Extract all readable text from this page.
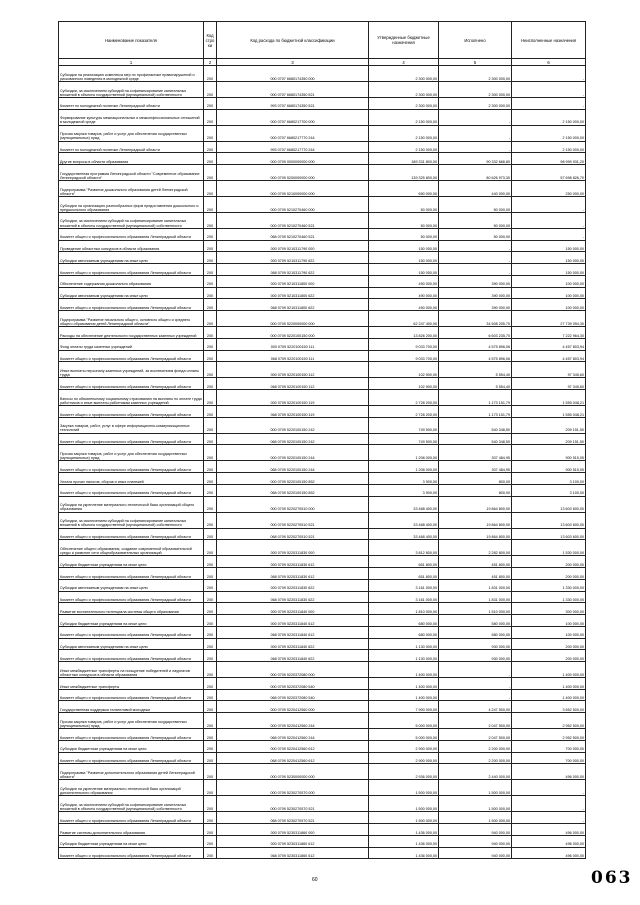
Наименование показателя	Код стро ки	Код расхода по бюджетной классификации	Утвержденные бюджетные назначения	Исполнено	Неисполненные назначения
1	2	3	4	5	6
Субсидии на реализацию комплекса мер по профилактике правонарушений и рискованного поведения в молодежной среде	200	000 0707 6680174350 000	2 300 000,00	2 300 000,00	-
Субсидии, за исключением субсидий на софинансирование капитальных вложений в объекты государственной (муниципальной) собственности	200	000 0707 6680174350 521	2 300 000,00	2 300 000,00	-
Комитет по молодежной политике Ленинградской области	200	993 0707 6680174350 521	2 300 000,00	2 300 000,00	-
Формирование культуры межнациональных и межконфессиональных отношений в молодежной среде	200	000 0707 6680217700 000	2 150 000,00	-	2 150 000,00
Прочая закупка товаров, работ и услуг для обеспечения государственных (муниципальных) нужд	200	000 0707 6680217770 244	2 150 000,00	-	2 150 000,00
Комитет по молодежной политике Ленинградской области	200	993 0707 6680217770 244	2 150 000,00	-	2 150 000,00
Другие вопросы в области образования	200	000 0709 0000000000 000	189 331 800,00	90 332 668,80	98 999 931,20
Государственная программа Ленинградской области "Современное образование Ленинградской области"	200	000 0709 5200000000 000	139 325 800,00	80 626 973,30	57 698 826,70
Подпрограмма "Развитие дошкольного образования детей Ленинградской области"	200	000 0709 5210000000 000	690 000,00	440 000,00	250 000,00
Субсидии на организацию разнообразных форм предоставления дошкольного и предшкольного образования	200	000 0709 5210270460 000	50 000,00	50 000,00	-
Субсидии, за исключением субсидий на софинансирование капитальных вложений в объекты государственной (муниципальной) собственности	200	000 0709 5210270460 521	50 000,00	50 000,00	-
Комитет общего и профессионального образования Ленинградской области	200	068 0709 5210270460 521	50 000,00	50 000,00	-
Проведение областных конкурсов в области образования	200	000 0709 5210311790 000	150 000,00	-	150 000,00
Субсидии автономным учреждениям на иные цели	200	000 0709 5210311790 622	150 000,00	-	150 000,00
Комитет общего и профессионального образования Ленинградской области	200	068 0709 5210311790 622	150 000,00	-	150 000,00
Обеспечение содержания дошкольного образования	200	000 0709 5210311800 000	490 000,00	390 000,00	100 000,00
Субсидии автономным учреждениям на иные цели	200	000 0709 5210311800 622	490 000,00	390 000,00	100 000,00
Комитет общего и профессионального образования Ленинградской области	200	068 0709 5210311800 622	490 000,00	390 000,00	100 000,00
Подпрограмма "Развитие начального общего, основного общего и среднего общего образования детей Ленинградской области"	200	000 0709 5220000000 000	62 247 400,00	34 508 205,70	27 739 094,30
Расходы на обеспечение деятельности государственных казенных учреждений	200	000 0709 5220100150 000	13 826 200,00	6 603 235,70	7 222 964,30
Фонд оплаты труда казенных учреждений	200	000 0709 5220100150 111	9 033 700,00	4 575 896,06	4 457 803,94
Комитет общего и профессионального образования Ленинградской области	200	068 0709 5220100150 111	9 033 700,00	4 575 896,06	4 457 803,94
Иные выплаты персоналу казенных учреждений, за исключением фонда оплаты труда	200	000 0709 5220100150 112	102 900,00	5 554,40	97 345,60
Комитет общего и профессионального образования Ленинградской области	200	068 0709 5220100150 112	102 900,00	5 554,40	97 345,60
Взносы по обязательному социальному страхованию на выплаты по оплате труда работников и иные выплаты работникам казенных учреждений	200	000 0709 5220100150 119	2 728 200,00	1 173 151,79	1 555 048,21
Комитет общего и профессионального образования Ленинградской области	200	068 0709 5220100150 119	2 728 200,00	1 173 151,79	1 555 048,21
Закупка товаров, работ, услуг в сфере информационно-коммуникационных технологий	200	000 0709 5220100150 242	749 500,00	540 348,50	209 151,50
Комитет общего и профессионального образования Ленинградской области	200	068 0709 5220100150 242	749 500,00	540 348,50	209 151,50
Прочая закупка товаров, работ и услуг для обеспечения государственных (муниципальных) нужд	200	000 0709 5220100150 244	1 208 000,00	307 484,95	900 515,05
Комитет общего и профессионального образования Ленинградской области	200	068 0709 5220100150 244	1 208 000,00	307 484,95	900 515,05
Уплата прочих налогов, сборов и иных платежей	200	000 0709 5220100150 852	3 900,00	800,00	3 100,00
Комитет общего и профессионального образования Ленинградской области	200	068 0709 5220100150 852	3 900,00	800,00	3 100,00
Субсидии на укрепление материально-технической базы организаций общего образования	200	000 0709 5220270510 000	33 468 400,00	19 864 800,00	13 603 600,00
Субсидии, за исключением субсидий на софинансирование капитальных вложений в объекты государственной (муниципальной) собственности	200	000 0709 5220270510 521	33 468 400,00	19 864 800,00	13 603 600,00
Комитет общего и профессионального образования Ленинградской области	200	068 0709 5220270510 521	33 468 400,00	19 864 800,00	13 603 600,00
Обеспечение общего образования, создание современной образовательной среды и развитие сети общеобразовательных организаций	200	000 0709 5220311830 000	3 812 800,00	2 282 800,00	1 530 000,00
Субсидии бюджетным учреждениям на иные цели	200	000 0709 5220311830 612	651 800,00	451 800,00	200 000,00
Комитет общего и профессионального образования Ленинградской области	200	068 0709 5220311830 612	651 800,00	451 800,00	200 000,00
Субсидии автономным учреждениям на иные цели	200	000 0709 5220311830 622	3 161 000,00	1 831 000,00	1 330 000,00
Комитет общего и профессионального образования Ленинградской области	200	068 0709 5220311830 622	3 161 000,00	1 831 000,00	1 330 000,00
Развитие воспитательного потенциала системы общего образования	200	000 0709 5220311840 000	1 810 000,00	1 510 000,00	300 000,00
Субсидии бюджетным учреждениям на иные цели	200	000 0709 5220311840 612	680 000,00	580 000,00	100 000,00
Комитет общего и профессионального образования Ленинградской области	200	068 0709 5220311840 612	680 000,00	580 000,00	100 000,00
Субсидии автономным учреждениям на иные цели	200	000 0709 5220311840 622	1 130 000,00	930 000,00	200 000,00
Комитет общего и профессионального образования Ленинградской области	200	068 0709 5220311840 622	1 130 000,00	930 000,00	200 000,00
Иные межбюджетные трансферты на поощрение победителей и лауреатов областных конкурсов в области образования	200	000 0709 5220372080 000	1 400 000,00	-	1 400 000,00
Иные межбюджетные трансферты	200	000 0709 5220372080 540	1 400 000,00	-	1 400 000,00
Комитет общего и профессионального образования Ленинградской области	200	068 0709 5220372080 540	1 400 000,00	-	1 400 000,00
Государственная поддержка талантливой молодежи	200	000 0709 5220412560 000	7 900 000,00	4 247 500,00	3 652 500,00
Прочая закупка товаров, работ и услуг для обеспечения государственных (муниципальных) нужд	200	000 0709 5220412560 244	5 000 000,00	2 047 500,00	2 952 500,00
Комитет общего и профессионального образования Ленинградской области	200	068 0709 5220412560 244	5 000 000,00	2 047 500,00	2 952 500,00
Субсидии бюджетным учреждениям на иные цели	200	000 0709 5220412560 612	2 900 000,00	2 200 000,00	700 000,00
Комитет общего и профессионального образования Ленинградской области	200	068 0709 5220412560 612	2 900 000,00	2 200 000,00	700 000,00
Подпрограмма "Развитие дополнительного образования детей Ленинградской области"	200	000 0709 5230000000 000	2 936 000,00	2 440 000,00	496 000,00
Субсидии на укрепление материально-технической базы организаций дополнительного образования	200	000 0709 5230270570 000	1 500 000,00	1 500 000,00	-
Субсидии, за исключением субсидий на софинансирование капитальных вложений в объекты государственной (муниципальной) собственности	200	000 0709 5230270570 521	1 500 000,00	1 500 000,00	-
Комитет общего и профессионального образования Ленинградской области	200	068 0709 5230270570 521	1 500 000,00	1 500 000,00	-
Развитие системы дополнительного образования	200	000 0709 5230311860 000	1 436 000,00	940 000,00	496 000,00
Субсидии бюджетным учреждениям на иные цели	200	000 0709 5230311860 612	1 436 000,00	940 000,00	496 000,00
Комитет общего и профессионального образования Ленинградской области	200	068 0709 5230311860 612	1 436 000,00	940 000,00	496 000,00
60	063
